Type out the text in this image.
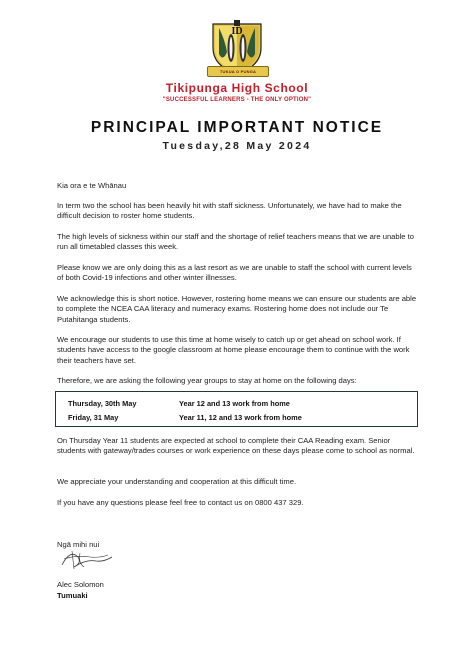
ID
TUKUA O PUNGA
Tikipunga High School
"SUCCESSFUL LEARNERS - THE ONLY OPTION"
PRINCIPAL IMPORTANT NOTICE
Tuesday,28 May 2024

Kia ora e te Whānau

In term two the school has been heavily hit with staff sickness. Unfortunately, we have had to make the difficult decision to roster home students.

The high levels of sickness within our staff and the shortage of relief teachers means that we are unable to run all timetabled classes this week.

Please know we are only doing this as a last resort as we are unable to staff the school with current levels of both Covid-19 infections and other winter illnesses.

We acknowledge this is short notice. However, rostering home means we can ensure our students are able to complete the NCEA CAA literacy and numeracy exams. Rostering home does not include our Te Putahitanga students.

We encourage our students to use this time at home wisely to catch up or get ahead on school work. If students have access to the google classroom at home please encourage them to continue with the work their teachers have set.

Therefore, we are asking the following year groups to stay at home on the following days:

Thursday, 30th May	Year 12 and 13 work from home
Friday, 31 May	Year 11, 12 and 13 work from home

On Thursday Year 11 students are expected at school to complete their CAA Reading exam. Senior students with gateway/trades courses or work experience on these days please come to school as normal.

We appreciate your understanding and cooperation at this difficult time.

If you have any questions please feel free to contact us on 0800 437 329.

Ngā mihi nui
Alec Solomon
Tumuaki
